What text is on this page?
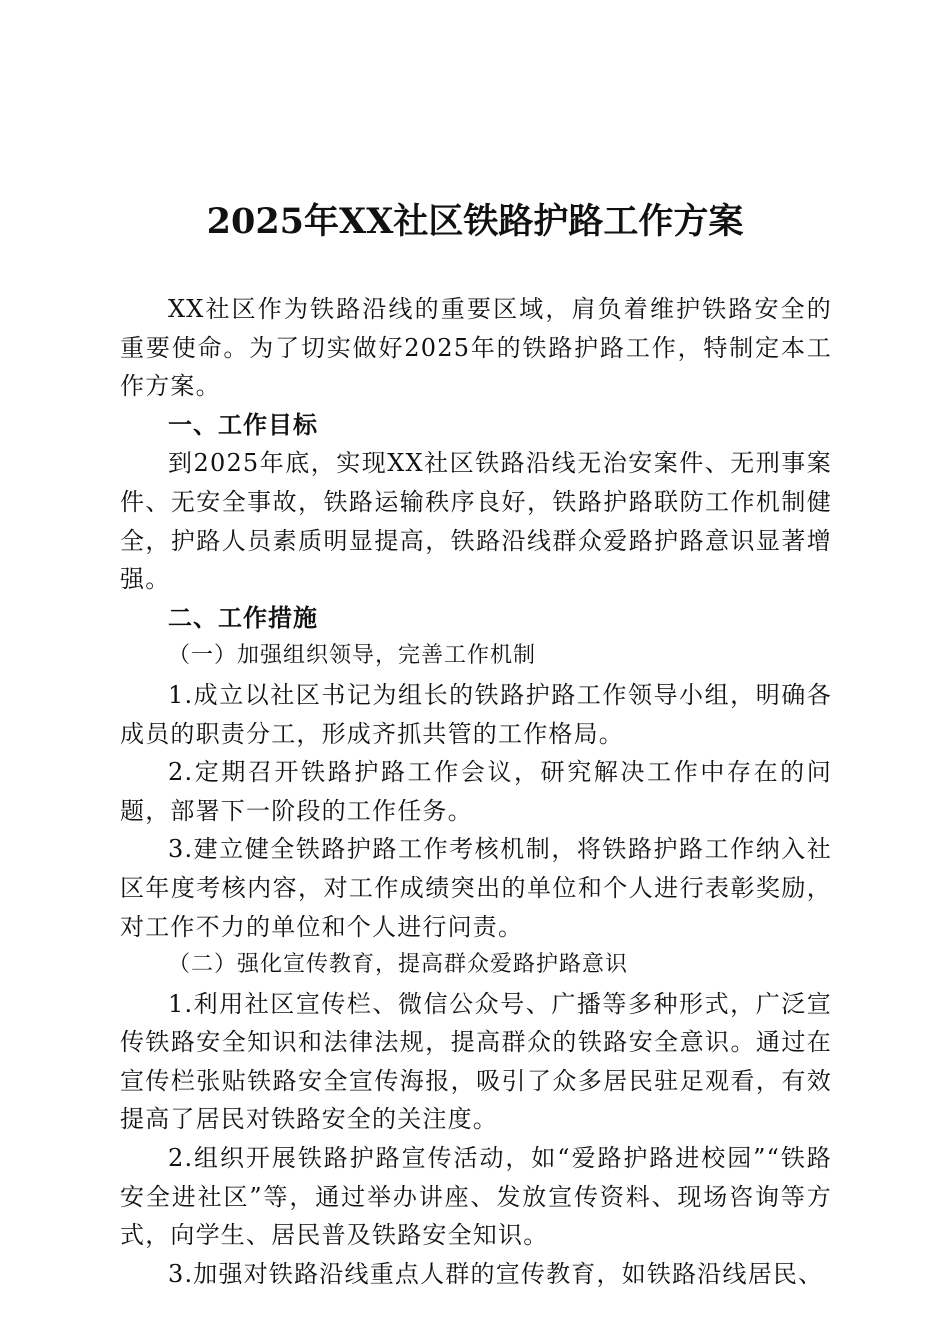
2025年XX社区铁路护路工作方案

XX社区作为铁路沿线的重要区域，肩负着维护铁路安全的重要使命。为了切实做好2025年的铁路护路工作，特制定本工作方案。

一、工作目标

到2025年底，实现XX社区铁路沿线无治安案件、无刑事案件、无安全事故，铁路运输秩序良好，铁路护路联防工作机制健全，护路人员素质明显提高，铁路沿线群众爱路护路意识显著增强。

二、工作措施

（一）加强组织领导，完善工作机制

1.成立以社区书记为组长的铁路护路工作领导小组，明确各成员的职责分工，形成齐抓共管的工作格局。

2.定期召开铁路护路工作会议，研究解决工作中存在的问题，部署下一阶段的工作任务。

3.建立健全铁路护路工作考核机制，将铁路护路工作纳入社区年度考核内容，对工作成绩突出的单位和个人进行表彰奖励，对工作不力的单位和个人进行问责。

（二）强化宣传教育，提高群众爱路护路意识

1.利用社区宣传栏、微信公众号、广播等多种形式，广泛宣传铁路安全知识和法律法规，提高群众的铁路安全意识。通过在宣传栏张贴铁路安全宣传海报，吸引了众多居民驻足观看，有效提高了居民对铁路安全的关注度。

2.组织开展铁路护路宣传活动，如“爱路护路进校园”“铁路安全进社区”等，通过举办讲座、发放宣传资料、现场咨询等方式，向学生、居民普及铁路安全知识。

3.加强对铁路沿线重点人群的宣传教育，如铁路沿线居民、
